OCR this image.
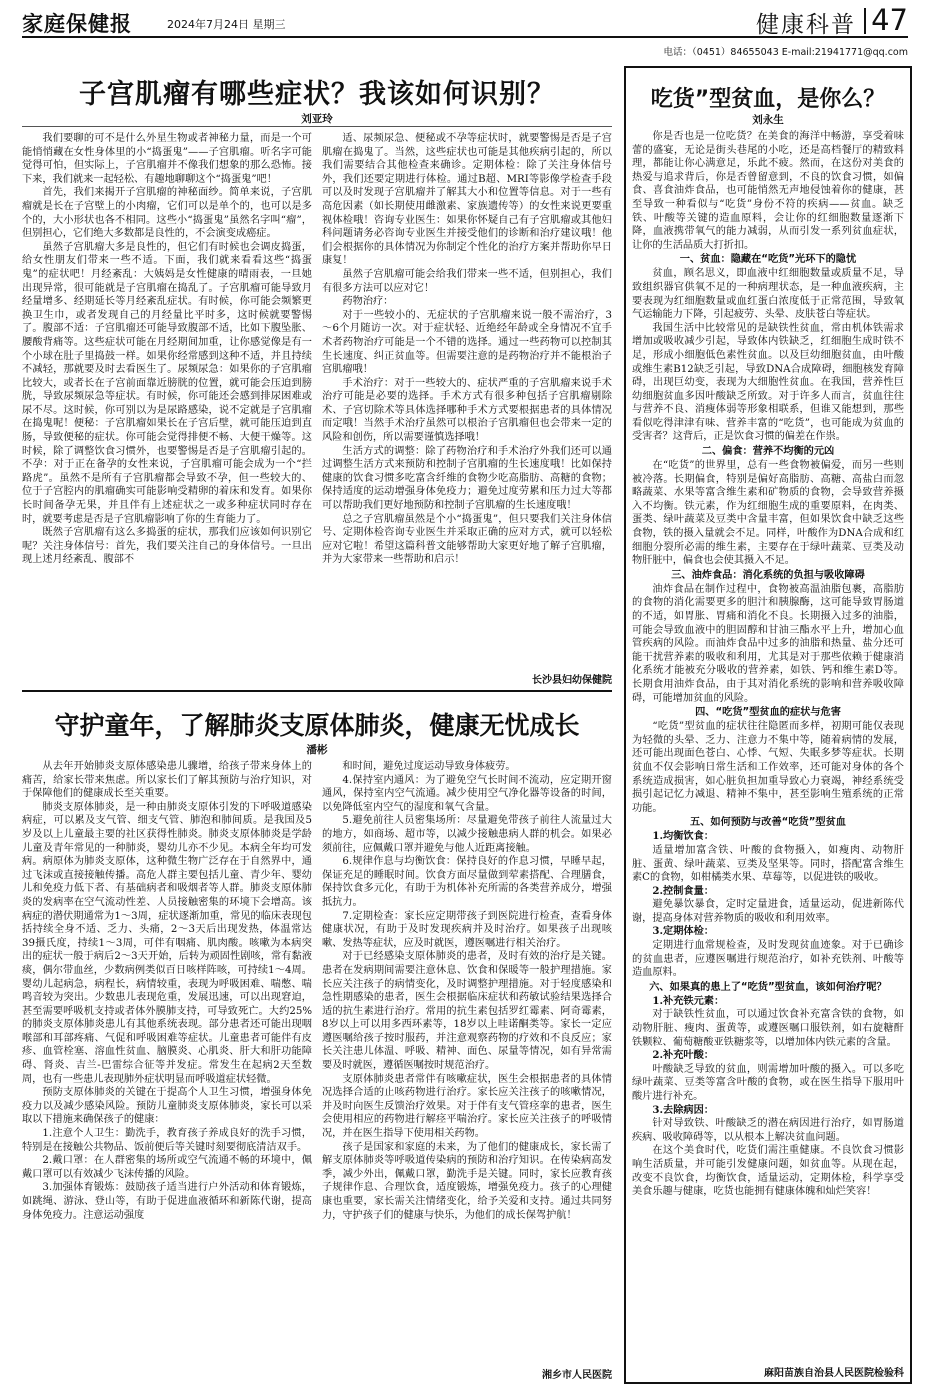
家庭保健报	2024年7月24日 星期三	健康科普 47
电话：（0451）84655043 E-mail:21941771@qq.com
子宫肌瘤有哪些症状？我该如何识别？
刘亚玲

我们要聊的可不是什么外星生物或者神秘力量，而是一个可能悄悄藏在女性身体里的小“捣蛋鬼”——子宫肌瘤。听名字可能觉得可怕，但实际上，子宫肌瘤并不像我们想象的那么恐怖。接下来，我们就来一起轻松、有趣地聊聊这个“捣蛋鬼”吧！

首先，我们来揭开子宫肌瘤的神秘面纱。简单来说，子宫肌瘤就是长在子宫壁上的小肉瘤，它们可以是单个的，也可以是多个的，大小形状也各不相同。这些小“捣蛋鬼”虽然名字叫“瘤”，但别担心，它们绝大多数都是良性的，不会演变成癌症。

虽然子宫肌瘤大多是良性的，但它们有时候也会调皮捣蛋，给女性朋友们带来一些不适。下面，我们就来看看这些“捣蛋鬼”的症状吧！月经紊乱：大姨妈是女性健康的晴雨表，一旦她出现异常，很可能就是子宫肌瘤在捣乱了。子宫肌瘤可能导致月经量增多、经期延长等月经紊乱症状。有时候，你可能会频繁更换卫生巾，或者发现自己的月经量比平时多，这时候就要警惕了。腹部不适：子宫肌瘤还可能导致腹部不适，比如下腹坠胀、腰酸背痛等。这些症状可能在月经期间加重，让你感觉像是有一个小球在肚子里捣鼓一样。如果你经常感到这种不适，并且持续不减轻，那就要及时去看医生了。尿频尿急：如果你的子宫肌瘤比较大，或者长在子宫前面靠近膀胱的位置，就可能会压迫到膀胱，导致尿频尿急等症状。有时候，你可能还会感到排尿困难或尿不尽。这时候，你可别以为是尿路感染，说不定就是子宫肌瘤在捣鬼呢！便秘：子宫肌瘤如果长在子宫后壁，就可能压迫到直肠，导致便秘的症状。你可能会觉得排便不畅、大便干燥等。这时候，除了调整饮食习惯外，也要警惕是否是子宫肌瘤引起的。不孕：对于正在备孕的女性来说，子宫肌瘤可能会成为一个“拦路虎”。虽然不是所有子宫肌瘤都会导致不孕，但一些较大的、位于子宫腔内的肌瘤确实可能影响受精卵的着床和发育。如果你长时间备孕无果，并且伴有上述症状之一或多种症状同时存在时，就要考虑是否是子宫肌瘤影响了你的生育能力了。

既然子宫肌瘤有这么多捣蛋的症状，那我们应该如何识别它呢？关注身体信号：首先，我们要关注自己的身体信号。一旦出现上述月经紊乱、腹部不

适、尿频尿急、便秘或不孕等症状时，就要警惕是否是子宫肌瘤在捣鬼了。当然，这些症状也可能是其他疾病引起的，所以我们需要结合其他检查来确诊。定期体检：除了关注身体信号外，我们还要定期进行体检。通过B超、MRI等影像学检查手段可以及时发现子宫肌瘤并了解其大小和位置等信息。对于一些有高危因素（如长期使用雌激素、家族遗传等）的女性来说更要重视体检哦！咨询专业医生：如果你怀疑自己有子宫肌瘤或其他妇科问题请务必咨询专业医生并接受他们的诊断和治疗建议哦！他们会根据你的具体情况为你制定个性化的治疗方案并帮助你早日康复！

虽然子宫肌瘤可能会给我们带来一些不适，但别担心，我们有很多方法可以应对它！

药物治疗：

对于一些较小的、无症状的子宫肌瘤来说一般不需治疗，3～6个月随访一次。对于症状轻、近绝经年龄或全身情况不宜手术者药物治疗可能是一个不错的选择。通过一些药物可以控制其生长速度、纠正贫血等。但需要注意的是药物治疗并不能根治子宫肌瘤哦！

手术治疗：对于一些较大的、症状严重的子宫肌瘤来说手术治疗可能是必要的选择。手术方式有很多种包括子宫肌瘤剔除术、子宫切除术等具体选择哪种手术方式要根据患者的具体情况而定哦！当然手术治疗虽然可以根治子宫肌瘤但也会带来一定的风险和创伤，所以需要谨慎选择哦！

生活方式的调整：除了药物治疗和手术治疗外我们还可以通过调整生活方式来预防和控制子宫肌瘤的生长速度哦！比如保持健康的饮食习惯多吃富含纤维的食物少吃高脂肪、高糖的食物；保持适度的运动增强身体免疫力；避免过度劳累和压力过大等都可以帮助我们更好地预防和控制子宫肌瘤的生长速度哦！

总之子宫肌瘤虽然是个小“捣蛋鬼”，但只要我们关注身体信号、定期体检咨询专业医生并采取正确的应对方式，就可以轻松应对它啦！希望这篇科普文能够帮助大家更好地了解子宫肌瘤，并为大家带来一些帮助和启示！

长沙县妇幼保健院
守护童年，了解肺炎支原体肺炎，健康无忧成长
潘彬

从去年开始肺炎支原体感染患儿骤增，给孩子带来身体上的痛苦，给家长带来焦虑。所以家长们了解其预防与治疗知识，对于保障他们的健康成长至关重要。

肺炎支原体肺炎，是一种由肺炎支原体引发的下呼吸道感染病症，可以累及支气管、细支气管、肺泡和肺间质。是我国及5岁及以上儿童最主要的社区获得性肺炎。肺炎支原体肺炎是学龄儿童及青年常见的一种肺炎，婴幼儿亦不少见。本病全年均可发病。病原体为肺炎支原体，这种微生物广泛存在于自然界中，通过飞沫或直接接触传播。高危人群主要包括儿童、青少年、婴幼儿和免疫力低下者、有基础病者和吸烟者等人群。肺炎支原体肺炎的发病率在空气流动性差、人员接触密集的环境下会增高。该病症的潜伏期通常为1～3周，症状逐渐加重，常见的临床表现包括持续全身不适、乏力、头痛，2～3天后出现发热，体温常达39摄氏度，持续1～3周，可伴有咽痛、肌肉酸。咳嗽为本病突出的症状一般于病后2～3天开始，后转为顽固性剧咳，常有黏液痰，偶尔带血丝，少数病例类似百日咳样阵咳，可持续1～4周。婴幼儿起病急，病程长，病情较重，表现为呼吸困难、喘憋、喘鸣音较为突出。少数患儿表现危重，发展迅速，可以出现窘迫，甚至需要呼吸机支持或者体外膜肺支持，可导致死亡。大约25%的肺炎支原体肺炎患儿有其他系统表现。部分患者还可能出现咽喉部和耳部疼痛、气促和呼吸困难等症状。儿童患者可能伴有皮疹、血管栓塞、溶血性贫血、脑膜炎、心肌炎、肝大和肝功能障碍、肾炎、吉兰-巴雷综合征等并发症。常发生在起病2天至数周，也有一些患儿表现肺外症状明显而呼吸道症状轻微。

预防支原体肺炎的关键在于提高个人卫生习惯，增强身体免疫力以及减少感染风险。预防儿童肺炎支原体肺炎，家长可以采取以下措施来确保孩子的健康：

1.注意个人卫生：勤洗手，教育孩子养成良好的洗手习惯，特别是在接触公共物品、饭前便后等关键时刻要彻底清洁双手。

2.戴口罩：在人群密集的场所或空气流通不畅的环境中，佩戴口罩可以有效减少飞沫传播的风险。

3.加强体育锻炼：鼓励孩子适当进行户外活动和体育锻炼，如跳绳、游泳、登山等，有助于促进血液循环和新陈代谢，提高身体免疫力。注意运动强度

和时间，避免过度运动导致身体疲劳。

4.保持室内通风：为了避免空气长时间不流动，应定期开窗通风，保持室内空气流通。减少使用空气净化器等设备的时间，以免降低室内空气的湿度和氧气含量。

5.避免前往人员密集场所：尽量避免带孩子前往人流量过大的地方，如商场、超市等，以减少接触患病人群的机会。如果必须前往，应佩戴口罩并避免与他人近距离接触。

6.规律作息与均衡饮食：保持良好的作息习惯，早睡早起，保证充足的睡眠时间。饮食方面尽量做到荤素搭配、合理膳食，保持饮食多元化，有助于为机体补充所需的各类营养成分，增强抵抗力。

7.定期检查：家长应定期带孩子到医院进行检查，查看身体健康状况，有助于及时发现疾病并及时治疗。如果孩子出现咳嗽、发热等症状，应及时就医，遵医嘱进行相关治疗。

对于已经感染支原体肺炎的患者，及时有效的治疗是关键。患者在发病期间需要注意休息、饮食和保暖等一般护理措施。家长应关注孩子的病情变化，及时调整护理措施。对于轻度感染和急性期感染的患者，医生会根据临床症状和药敏试验结果选择合适的抗生素进行治疗。常用的抗生素包括罗红霉素、阿奇霉素，8岁以上可以用多西环素等，18岁以上哇诺酮类等。家长一定应遵医嘱给孩子按时服药，并注意观察药物的疗效和不良反应；家长关注患儿体温、呼吸、精神、面色、尿量等情况，如有异常需要及时就医，遵循医嘱按时规范治疗。

支原体肺炎患者常伴有咳嗽症状，医生会根据患者的具体情况选择合适的止咳药物进行治疗。家长应关注孩子的咳嗽情况，并及时向医生反馈治疗效果。对于伴有支气管痉挛的患者，医生会使用相应的药物进行解痉平喘治疗。家长应关注孩子的呼吸情况，并在医生指导下使用相关药物。

孩子是国家和家庭的未来，为了他们的健康成长，家长需了解支原体肺炎等呼吸道传染病的预防和治疗知识。在传染病高发季，减少外出，佩戴口罩，勤洗手是关键。同时，家长应教育孩子规律作息、合理饮食，适度锻炼，增强免疫力。孩子的心理健康也重要，家长需关注情绪变化，给予关爱和支持。通过共同努力，守护孩子们的健康与快乐，为他们的成长保驾护航！

湘乡市人民医院
吃货”型贫血，是你么？
刘永生

你是否也是一位吃货？在美食的海洋中畅游，享受着味蕾的盛宴，无论是街头巷尾的小吃，还是高档餐厅的精致料理，都能让你心满意足，乐此不疲。然而，在这份对美食的热爱与追求背后，你是否曾留意到，不良的饮食习惯，如偏食、喜食油炸食品，也可能悄然无声地侵蚀着你的健康，甚至导致一种看似与“吃货”身份不符的疾病——贫血。缺乏铁、叶酸等关键的造血原料，会让你的红细胞数量逐渐下降，血液携带氧气的能力减弱，从而引发一系列贫血症状，让你的生活品质大打折扣。

一、贫血：隐藏在“吃货”光环下的隐忧

贫血，顾名思义，即血液中红细胞数量或质量不足，导致组织器官供氧不足的一种病理状态，是一种血液疾病，主要表现为红细胞数量或血红蛋白浓度低于正常范围，导致氧气运输能力下降，引起疲劳、头晕、皮肤苍白等症状。

我国生活中比较常见的是缺铁性贫血，常由机体铁需求增加或吸收减少引起，导致体内铁缺乏，红细胞生成时铁不足，形成小细胞低色素性贫血。以及巨幼细胞贫血，由叶酸或维生素B12缺乏引起，导致DNA合成障碍，细胞核发育障碍，出现巨幼变，表现为大细胞性贫血。在我国，营养性巨幼细胞贫血多因叶酸缺乏所致。对于许多人而言，贫血往往与营养不良、消瘦体弱等形象相联系，但谁又能想到，那些看似吃得津津有味、营养丰富的“吃货”，也可能成为贫血的受害者？这背后，正是饮食习惯的偏差在作祟。

二、偏食：营养不均衡的元凶

在“吃货”的世界里，总有一些食物被偏爱，而另一些则被冷落。长期偏食，特别是偏好高脂肪、高糖、高盐白而忽略蔬菜、水果等富含维生素和矿物质的食物，会导致营养摄入不均衡。铁元素，作为红细胞生成的重要原料，在肉类、蛋类、绿叶蔬菜及豆类中含量丰富，但如果饮食中缺乏这些食物，铁的摄入量就会不足。同样，叶酸作为DNA合成和红细胞分裂所必需的维生素，主要存在于绿叶蔬菜、豆类及动物肝脏中，偏食也会使其摄入不足。

三、油炸食品：消化系统的负担与吸收障碍

油炸食品在制作过程中，食物被高温油脂包裹，高脂肪的食物的消化需要更多的胆汁和胰腺酶，这可能导致胃肠道的不适，如胃胀、胃痛和消化不良。长期摄入过多的油脂，可能会导致血液中的胆固醇和甘油三酯水平上升，增加心血管疾病的风险。而油炸食品中过多的油脂和热量、盐分还可能干扰营养素的吸收和利用，尤其是对于那些依赖于健康消化系统才能被充分吸收的营养素，如铁、钙和维生素D等。长期食用油炸食品，由于其对消化系统的影响和营养吸收障碍，可能增加贫血的风险。

四、“吃货”型贫血的症状与危害

“吃货”型贫血的症状往往隐匿而多样，初期可能仅表现为轻微的头晕、乏力、注意力不集中等，随着病情的发展，还可能出现面色苍白、心悸、气短、失眠多梦等症状。长期贫血不仅会影响日常生活和工作效率，还可能对身体的各个系统造成损害，如心脏负担加重导致心力衰竭，神经系统受损引起记忆力减退、精神不集中，甚至影响生殖系统的正常功能。

五、如何预防与改善“吃货”型贫血
1.均衡饮食：

适量增加富含铁、叶酸的食物摄入，如瘦肉、动物肝脏、蛋黄、绿叶蔬菜、豆类及坚果等。同时，搭配富含维生素C的食物，如柑橘类水果、草莓等，以促进铁的吸收。

2.控制食量：

避免暴饮暴食，定时定量进食，适量运动，促进新陈代谢，提高身体对营养物质的吸收和利用效率。

3.定期体检：

定期进行血常规检查，及时发现贫血迹象。对于已确诊的贫血患者，应遵医嘱进行规范治疗，如补充铁剂、叶酸等造血原料。

六、如果真的患上了“吃货”型贫血，该如何治疗呢？
1.补充铁元素：

对于缺铁性贫血，可以通过饮食补充富含铁的食物，如动物肝脏、瘦肉、蛋黄等，或遵医嘱口服铁剂，如右旋糖酐铁颗粒、葡萄糖酸亚铁糖浆等，以增加体内铁元素的含量。

2.补充叶酸：

叶酸缺乏导致的贫血，则需增加叶酸的摄入。可以多吃绿叶蔬菜、豆类等富含叶酸的食物，或在医生指导下服用叶酸片进行补充。

3.去除病因：

针对导致铁、叶酸缺乏的潜在病因进行治疗，如胃肠道疾病、吸收障碍等，以从根本上解决贫血问题。

在这个美食时代，吃货们需注重健康。不良饮食习惯影响生活质量，并可能引发健康问题，如贫血等。从现在起，改变不良饮食，均衡饮食，适量运动，定期体检，科学享受美食乐趣与健康，吃货也能拥有健康体魄和灿烂笑容！

麻阳苗族自治县人民医院检验科
